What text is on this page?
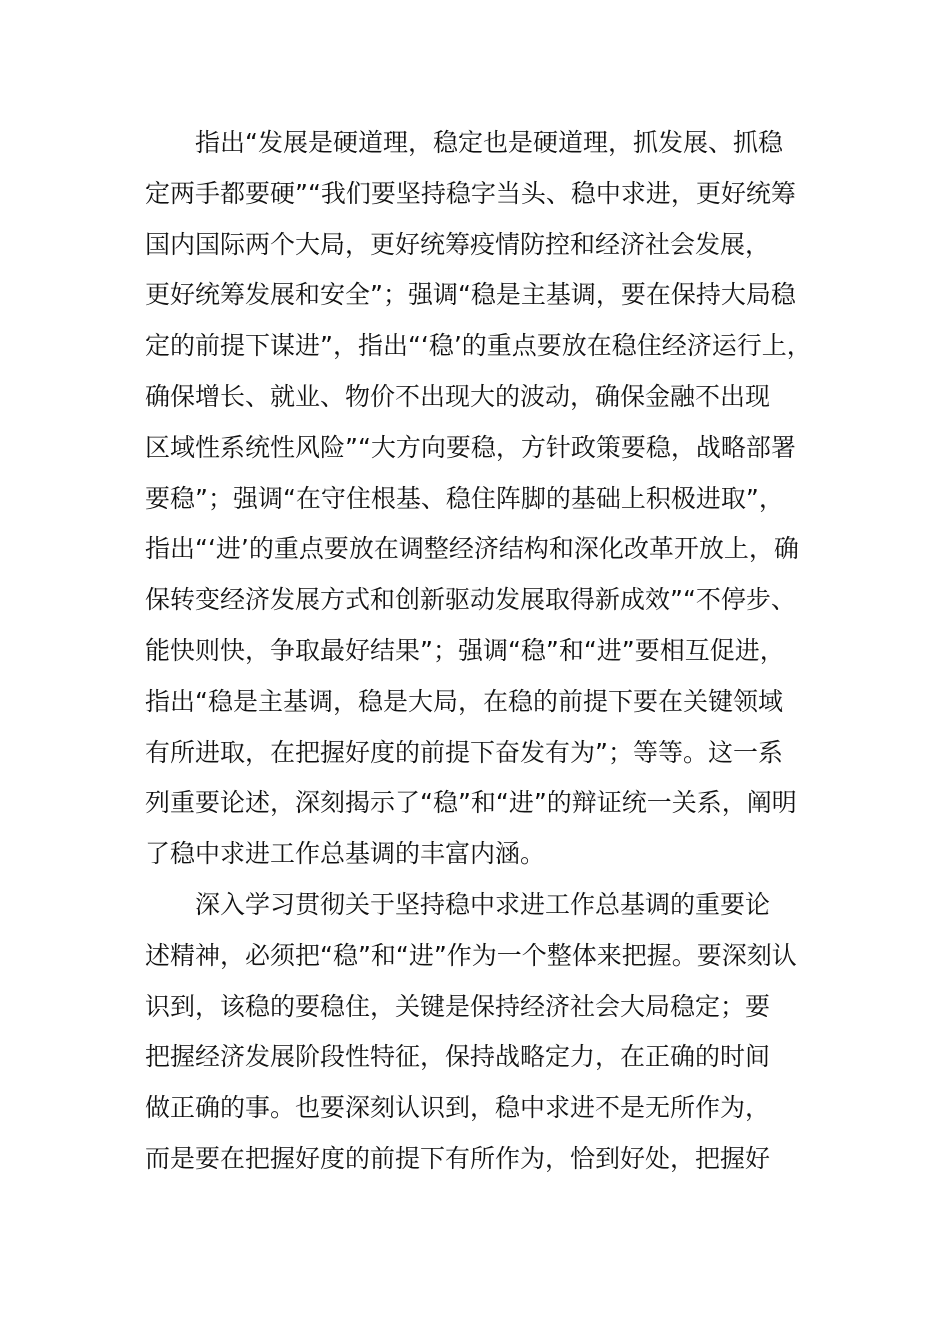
指出“发展是硬道理，稳定也是硬道理，抓发展、抓稳
定两手都要硬”“我们要坚持稳字当头、稳中求进，更好统筹
国内国际两个大局，更好统筹疫情防控和经济社会发展，
更好统筹发展和安全”；强调“稳是主基调，要在保持大局稳
定的前提下谋进”，指出“‘稳’的重点要放在稳住经济运行上，
确保增长、就业、物价不出现大的波动，确保金融不出现
区域性系统性风险”“大方向要稳，方针政策要稳，战略部署
要稳”；强调“在守住根基、稳住阵脚的基础上积极进取”，
指出“‘进’的重点要放在调整经济结构和深化改革开放上，确
保转变经济发展方式和创新驱动发展取得新成效”“不停步、
能快则快，争取最好结果”；强调“稳”和“进”要相互促进，
指出“稳是主基调，稳是大局，在稳的前提下要在关键领域
有所进取，在把握好度的前提下奋发有为”；等等。这一系
列重要论述，深刻揭示了“稳”和“进”的辩证统一关系，阐明
了稳中求进工作总基调的丰富内涵。
深入学习贯彻关于坚持稳中求进工作总基调的重要论
述精神，必须把“稳”和“进”作为一个整体来把握。要深刻认
识到，该稳的要稳住，关键是保持经济社会大局稳定；要
把握经济发展阶段性特征，保持战略定力，在正确的时间
做正确的事。也要深刻认识到，稳中求进不是无所作为，
而是要在把握好度的前提下有所作为，恰到好处，把握好
